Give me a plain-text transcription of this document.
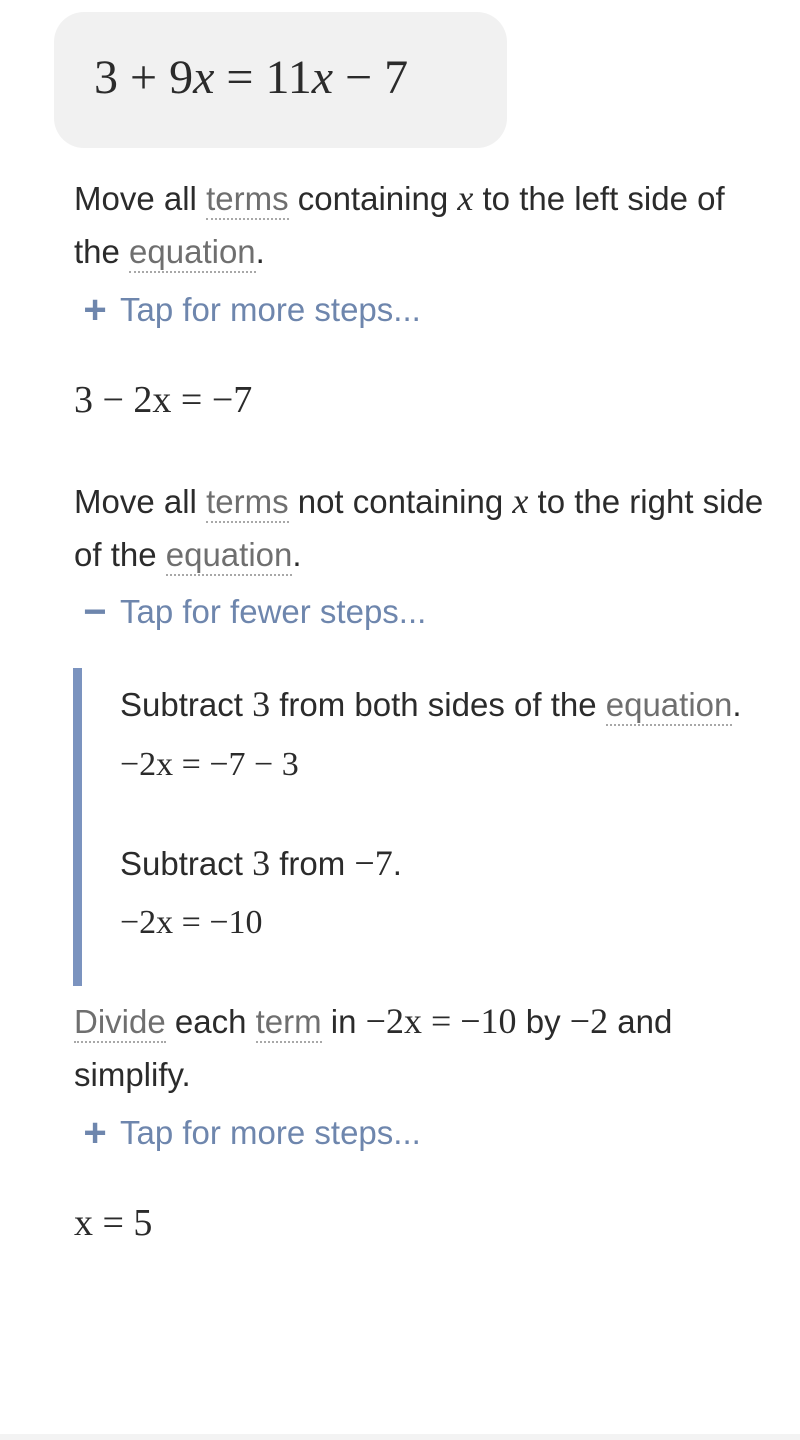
3 + 9x = 11x − 7
Move all terms containing x to the left side of the equation.
+ Tap for more steps...
3 − 2x = −7
Move all terms not containing x to the right side of the equation.
− Tap for fewer steps...
Subtract 3 from both sides of the equation.
−2x = −7 − 3
Subtract 3 from −7.
−2x = −10
Divide each term in −2x = −10 by −2 and simplify.
+ Tap for more steps...
x = 5
